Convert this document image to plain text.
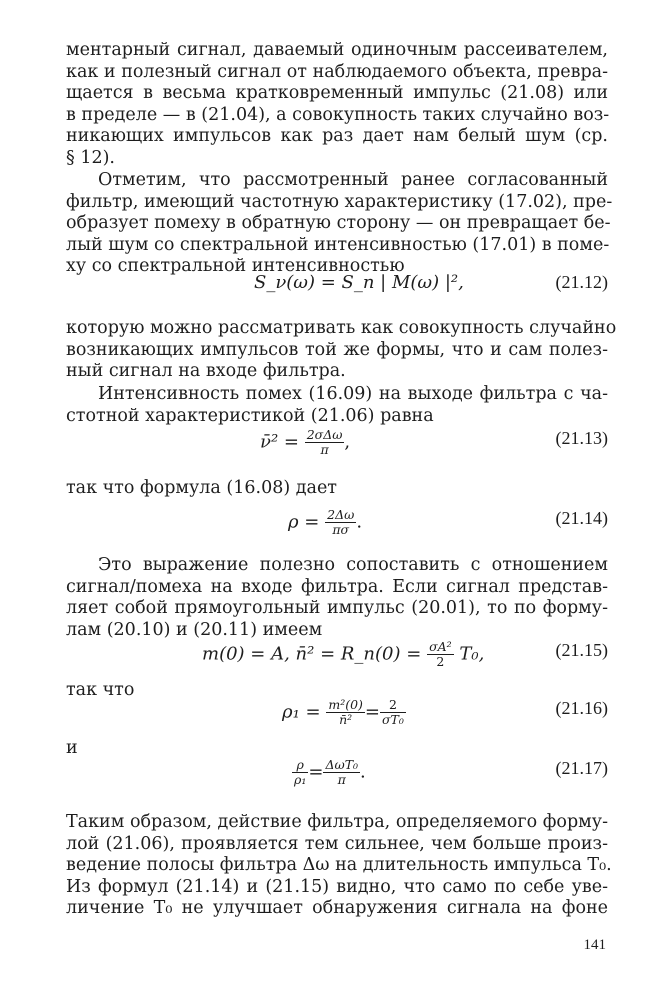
ментарный сигнал, даваемый одиночным рассеивателем,
как и полезный сигнал от наблюдаемого объекта, превра-
щается в весьма кратковременный импульс (21.08) или
в пределе — в (21.04), а совокупность таких случайно воз-
никающих импульсов как раз дает нам белый шум (ср.
§ 12).
Отметим, что рассмотренный ранее согласованный
фильтр, имеющий частотную характеристику (17.02), пре-
образует помеху в обратную сторону — он превращает бе-
лый шум со спектральной интенсивностью (17.01) в поме-
ху со спектральной интенсивностью
S_ν(ω) = S_n | M(ω) |²,	(21.12)
которую можно рассматривать как совокупность случайно
возникающих импульсов той же формы, что и сам полез-
ный сигнал на входе фильтра.
Интенсивность помех (16.09) на выходе фильтра с ча-
стотной характеристикой (21.06) равна
ν̄² = $\frac{\text{2σΔω}}{\pi}$ ,	(21.13)
так что формула (16.08) дает
$\rho = \frac{2\Delta\omega}{\pi\sigma}$ .	(21.14)
Это выражение полезно сопоставить с отношением
сигнал/помеха на входе фильтра. Если сигнал представ-
ляет собой прямоугольный импульс (20.01), то по форму-
лам (20.10) и (20.11) имеем
m(0) = A, n̄² = R_n(0) = $\frac{\text{σA²}}{2} T_0$,	(21.15)
так что
$\rho_1 = \frac{\text{m²(0)}}{\text{n̄²}} = \frac{2}{\text{σT₀}}$	(21.16)
и
$\frac{\rho}{\text{ρ₁}} = \frac{\text{ΔωT₀}}{\pi}$ .	(21.17)
Таким образом, действие фильтра, определяемого форму-
лой (21.06), проявляется тем сильнее, чем больше произ-
ведение полосы фильтра Δω на длительность импульса T₀.
Из формул (21.14) и (21.15) видно, что само по себе уве-
личение T₀ не улучшает обнаружения сигнала на фоне
141
